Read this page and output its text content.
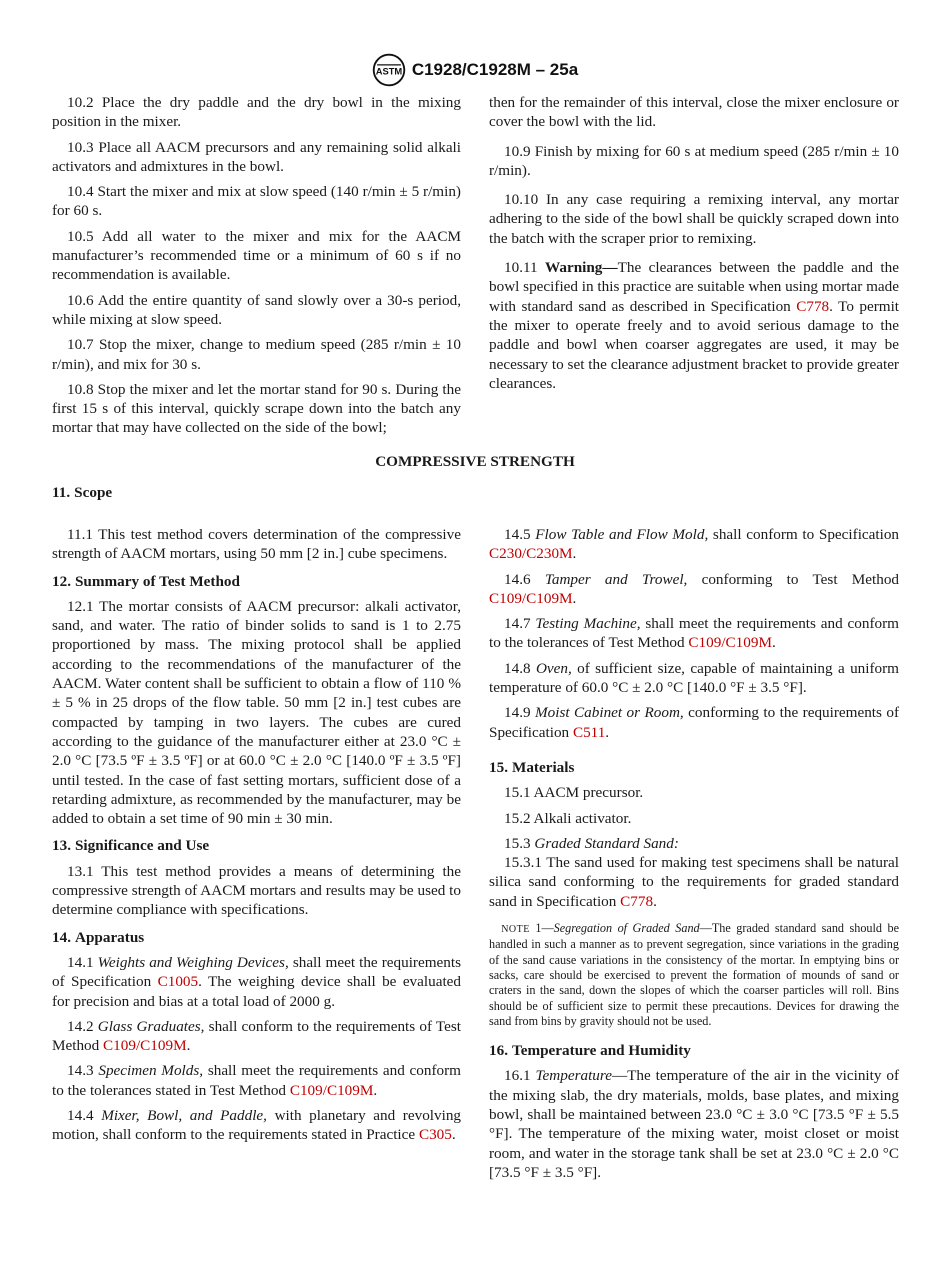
ASTM C1928/C1928M – 25a

10.2 Place the dry paddle and the dry bowl in the mixing position in the mixer.

10.3 Place all AACM precursors and any remaining solid alkali activators and admixtures in the bowl.

10.4 Start the mixer and mix at slow speed (140 r/min ± 5 r/min) for 60 s.

10.5 Add all water to the mixer and mix for the AACM manufacturer’s recommended time or a minimum of 60 s if no recommendation is available.

10.6 Add the entire quantity of sand slowly over a 30-s period, while mixing at slow speed.

10.7 Stop the mixer, change to medium speed (285 r/min ± 10 r/min), and mix for 30 s.

10.8 Stop the mixer and let the mortar stand for 90 s. During the first 15 s of this interval, quickly scrape down into the batch any mortar that may have collected on the side of the bowl;

then for the remainder of this interval, close the mixer enclosure or cover the bowl with the lid.

10.9 Finish by mixing for 60 s at medium speed (285 r/min ± 10 r/min).

10.10 In any case requiring a remixing interval, any mortar adhering to the side of the bowl shall be quickly scraped down into the batch with the scraper prior to remixing.

10.11 Warning—The clearances between the paddle and the bowl specified in this practice are suitable when using mortar made with standard sand as described in Specification C778. To permit the mixer to operate freely and to avoid serious damage to the paddle and bowl when coarser aggregates are used, it may be necessary to set the clearance adjustment bracket to provide greater clearances.

COMPRESSIVE STRENGTH
11. Scope

11.1 This test method covers determination of the compressive strength of AACM mortars, using 50 mm [2 in.] cube specimens.

12. Summary of Test Method

12.1 The mortar consists of AACM precursor: alkali activator, sand, and water. The ratio of binder solids to sand is 1 to 2.75 proportioned by mass. The mixing protocol shall be applied according to the recommendations of the manufacturer of the AACM. Water content shall be sufficient to obtain a flow of 110 % ± 5 % in 25 drops of the flow table. 50 mm [2 in.] test cubes are compacted by tamping in two layers. The cubes are cured according to the guidance of the manufacturer either at 23.0 °C ± 2.0 °C [73.5 ºF ± 3.5 ºF] or at 60.0 °C ± 2.0 °C [140.0 ºF ± 3.5 ºF] until tested. In the case of fast setting mortars, sufficient dose of a retarding admixture, as recommended by the manufacturer, may be added to obtain a set time of 90 min ± 30 min.

13. Significance and Use

13.1 This test method provides a means of determining the compressive strength of AACM mortars and results may be used to determine compliance with specifications.

14. Apparatus

14.1 Weights and Weighing Devices, shall meet the requirements of Specification C1005. The weighing device shall be evaluated for precision and bias at a total load of 2000 g.

14.2 Glass Graduates, shall conform to the requirements of Test Method C109/C109M.

14.3 Specimen Molds, shall meet the requirements and conform to the tolerances stated in Test Method C109/C109M.

14.4 Mixer, Bowl, and Paddle, with planetary and revolving motion, shall conform to the requirements stated in Practice C305.

14.5 Flow Table and Flow Mold, shall conform to Specification C230/C230M.

14.6 Tamper and Trowel, conforming to Test Method C109/C109M.

14.7 Testing Machine, shall meet the requirements and conform to the tolerances of Test Method C109/C109M.

14.8 Oven, of sufficient size, capable of maintaining a uniform temperature of 60.0 °C ± 2.0 °C [140.0 °F ± 3.5 °F].

14.9 Moist Cabinet or Room, conforming to the requirements of Specification C511.

15. Materials

15.1 AACM precursor.

15.2 Alkali activator.

15.3 Graded Standard Sand:

15.3.1 The sand used for making test specimens shall be natural silica sand conforming to the requirements for graded standard sand in Specification C778.

 NOTE 1—Segregation of Graded Sand—The graded standard sand should be handled in such a manner as to prevent segregation, since variations in the grading of the sand cause variations in the consistency of the mortar. In emptying bins or sacks, care should be exercised to prevent the formation of mounds of sand or craters in the sand, down the slopes of which the coarser particles will roll. Bins should be of sufficient size to permit these precautions. Devices for drawing the sand from bins by gravity should not be used.

16. Temperature and Humidity

16.1 Temperature—The temperature of the air in the vicinity of the mixing slab, the dry materials, molds, base plates, and mixing bowl, shall be maintained between 23.0 °C ± 3.0 °C [73.5 °F ± 5.5 °F]. The temperature of the mixing water, moist closet or moist room, and water in the storage tank shall be set at 23.0 °C ± 2.0 °C [73.5 °F ± 3.5 °F].
